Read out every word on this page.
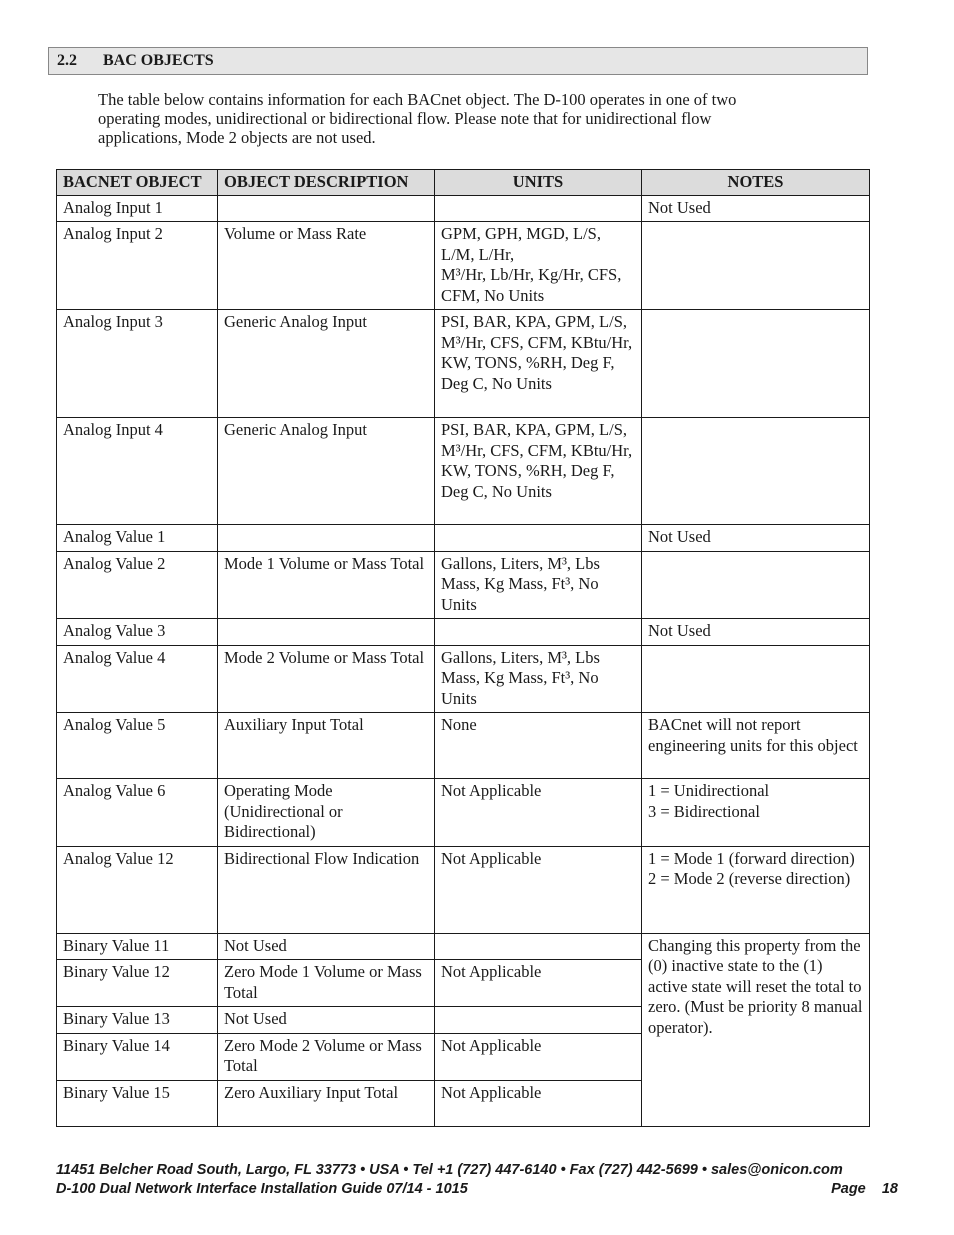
2.2	BAC OBJECTS
The table below contains information for each BACnet object. The D-100 operates in one of two operating modes, unidirectional or bidirectional flow. Please note that for unidirectional flow applications, Mode 2 objects are not used.
BACNET OBJECT	OBJECT DESCRIPTION	UNITS	NOTES
Analog Input 1			Not Used
Analog Input 2	Volume or Mass Rate	GPM, GPH, MGD, L/S, L/M, L/Hr,
M³/Hr, Lb/Hr, Kg/Hr, CFS, CFM, No Units	
Analog Input 3	Generic Analog Input	PSI, BAR, KPA, GPM, L/S, M³/Hr, CFS, CFM, KBtu/Hr, KW, TONS, %RH, Deg F, Deg C, No Units	
Analog Input 4	Generic Analog Input	PSI, BAR, KPA, GPM, L/S, M³/Hr, CFS, CFM, KBtu/Hr, KW, TONS, %RH, Deg F, Deg C, No Units	
Analog Value 1			Not Used
Analog Value 2	Mode 1 Volume or Mass Total	Gallons, Liters, M³, Lbs Mass, Kg Mass, Ft³, No Units	
Analog Value 3			Not Used
Analog Value 4	Mode 2 Volume or Mass Total	Gallons, Liters, M³, Lbs Mass, Kg Mass, Ft³, No Units	
Analog Value 5	Auxiliary Input Total	None	BACnet will not report engineering units for this object
Analog Value 6	Operating Mode (Unidirectional or Bidirectional)	Not Applicable	1 = Unidirectional
3 = Bidirectional
Analog Value 12	Bidirectional Flow Indication	Not Applicable	1 = Mode 1 (forward direction)
2 = Mode 2 (reverse direction)
Binary Value 11	Not Used		Changing this property from the (0) inactive state to the (1) active state will reset the total to zero. (Must be priority 8 manual operator).
Binary Value 12	Zero Mode 1 Volume or Mass Total	Not Applicable	
Binary Value 13	Not Used		
Binary Value 14	Zero Mode 2 Volume or Mass Total	Not Applicable	
Binary Value 15	Zero Auxiliary Input Total	Not Applicable	
11451 Belcher Road South, Largo, FL 33773 • USA • Tel +1 (727) 447-6140 • Fax (727) 442-5699 • sales@onicon.com
D-100 Dual Network Interface Installation Guide 07/14 - 1015	Page    18
